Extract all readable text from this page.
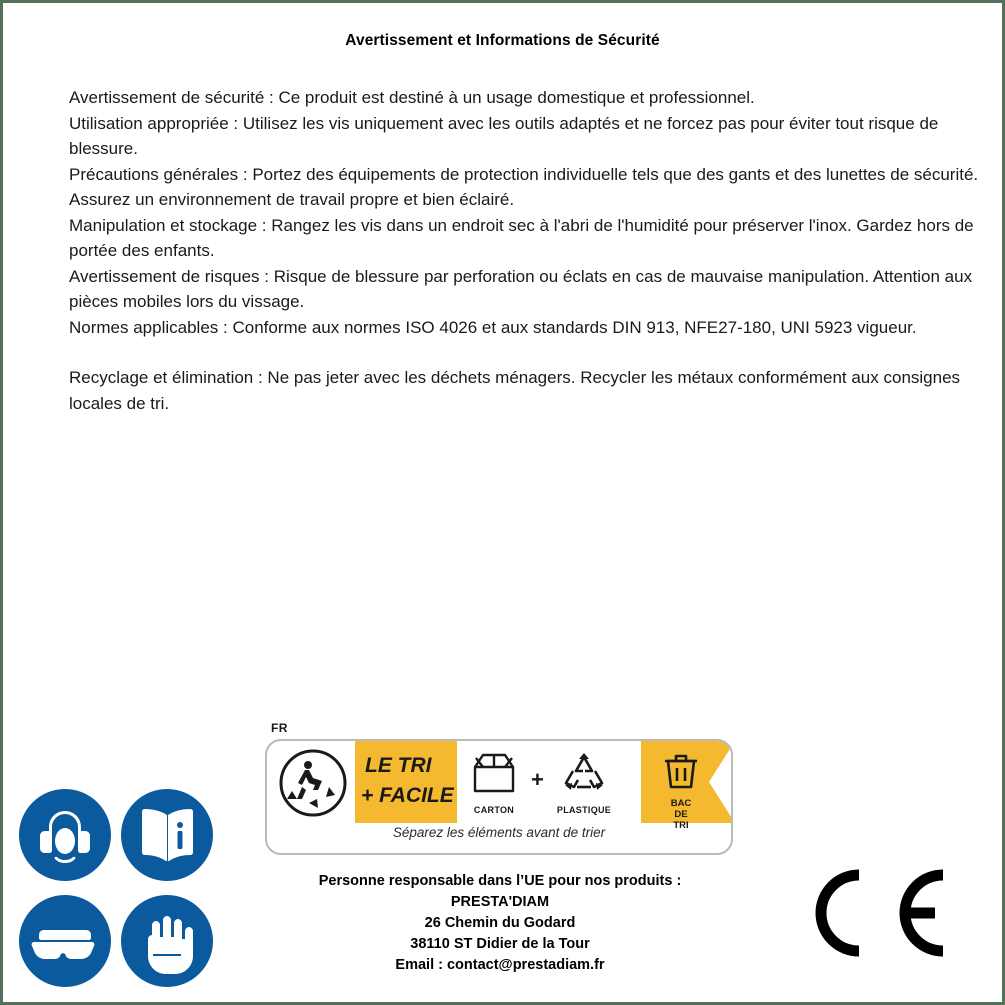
Avertissement et Informations de Sécurité

Avertissement de sécurité : Ce produit est destiné à un usage domestique et professionnel.

Utilisation appropriée : Utilisez les vis uniquement avec les outils adaptés et ne forcez pas pour éviter tout risque de blessure.

Précautions générales : Portez des équipements de protection individuelle tels que des gants et des lunettes de sécurité. Assurez un environnement de travail propre et bien éclairé.

Manipulation et stockage : Rangez les vis dans un endroit sec à l'abri de l'humidité pour préserver l'inox. Gardez hors de portée des enfants.

Avertissement de risques : Risque de blessure par perforation ou éclats en cas de mauvaise manipulation. Attention aux pièces mobiles lors du vissage.

Normes applicables : Conforme aux normes ISO 4026 et aux standards DIN 913, NFE27-180, UNI 5923 vigueur.

Recyclage et élimination : Ne pas jeter avec les déchets ménagers. Recycler les métaux conformément aux consignes locales de tri.

FR
LE TRI
+ FACILE
CARTON
+
PLASTIQUE
BAC
DE
TRI
Séparez les éléments avant de trier
Personne responsable dans l’UE pour nos produits :
PRESTA'DIAM
26 Chemin du Godard
38110 ST Didier de la Tour
Email : contact@prestadiam.fr
